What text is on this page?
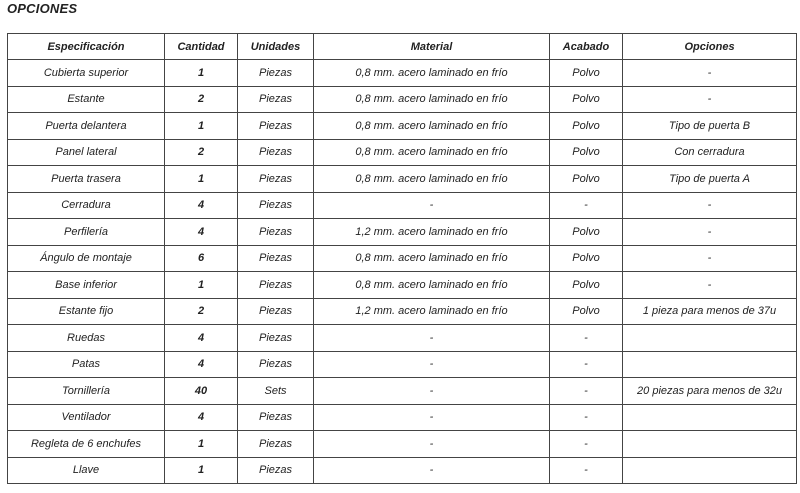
OPCIONES
Especificación	Cantidad	Unidades	Material	Acabado	Opciones
Cubierta superior	1	Piezas	0,8 mm. acero laminado en frío	Polvo	-
Estante	2	Piezas	0,8 mm. acero laminado en frío	Polvo	-
Puerta delantera	1	Piezas	0,8 mm. acero laminado en frío	Polvo	Tipo de puerta B
Panel lateral	2	Piezas	0,8 mm. acero laminado en frío	Polvo	Con cerradura
Puerta trasera	1	Piezas	0,8 mm. acero laminado en frío	Polvo	Tipo de puerta A
Cerradura	4	Piezas	-	-	-
Perfilería	4	Piezas	1,2 mm. acero laminado en frío	Polvo	-
Ángulo de montaje	6	Piezas	0,8 mm. acero laminado en frío	Polvo	-
Base inferior	1	Piezas	0,8 mm. acero laminado en frío	Polvo	-
Estante fijo	2	Piezas	1,2 mm. acero laminado en frío	Polvo	1 pieza para menos de 37u
Ruedas	4	Piezas	-	-	
Patas	4	Piezas	-	-	
Tornillería	40	Sets	-	-	20 piezas para menos de 32u
Ventilador	4	Piezas	-	-	
Regleta de 6 enchufes	1	Piezas	-	-	
Llave	1	Piezas	-	-	
